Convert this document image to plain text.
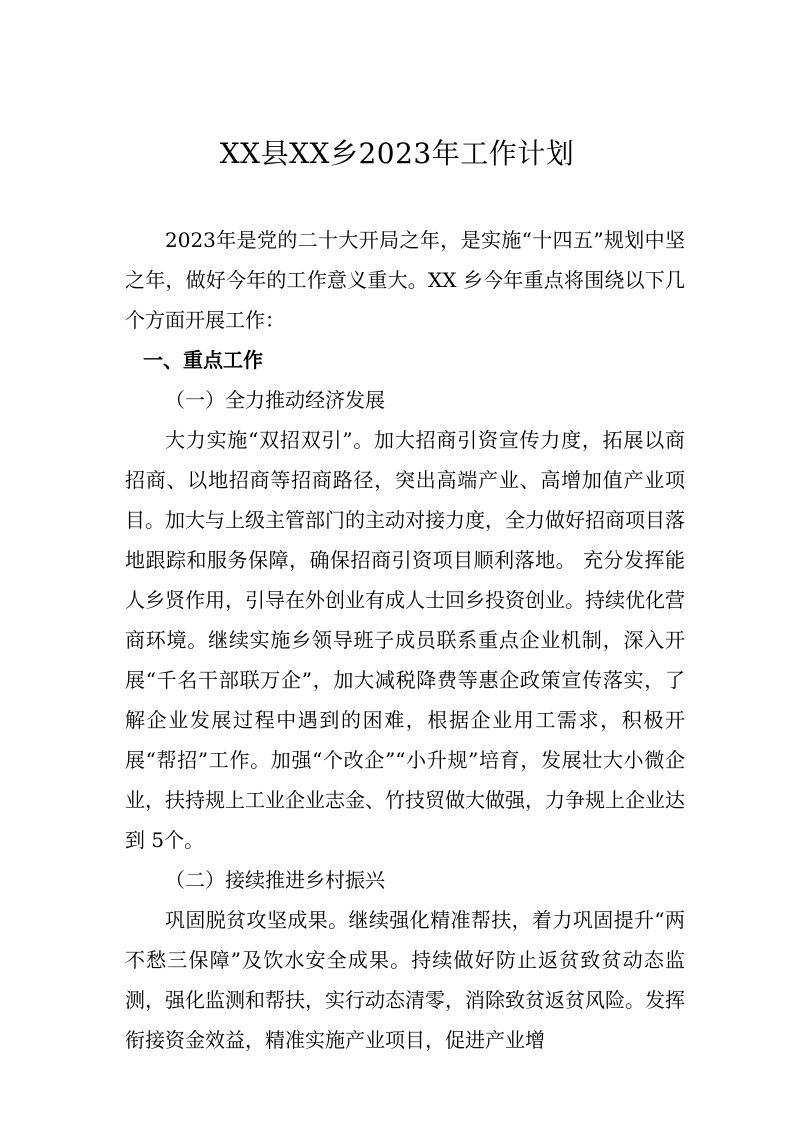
XX县XX乡2023年工作计划

2023年是党的二十大开局之年，是实施“十四五”规划中坚之年，做好今年的工作意义重大。XX 乡今年重点将围绕以下几个方面开展工作：

一、重点工作

（一）全力推动经济发展

大力实施“双招双引”。加大招商引资宣传力度，拓展以商招商、以地招商等招商路径，突出高端产业、高增加值产业项目。加大与上级主管部门的主动对接力度，全力做好招商项目落地跟踪和服务保障，确保招商引资项目顺利落地。 充分发挥能人乡贤作用，引导在外创业有成人士回乡投资创业。持续优化营商环境。继续实施乡领导班子成员联系重点企业机制，深入开展“千名干部联万企”，加大减税降费等惠企政策宣传落实，了解企业发展过程中遇到的困难，根据企业用工需求，积极开展“帮招”工作。加强“个改企”“小升规”培育，发展壮大小微企业，扶持规上工业企业志金、竹技贸做大做强，力争规上企业达到 5个。

（二）接续推进乡村振兴

巩固脱贫攻坚成果。继续强化精准帮扶，着力巩固提升“两不愁三保障”及饮水安全成果。持续做好防止返贫致贫动态监测，强化监测和帮扶，实行动态清零，消除致贫返贫风险。发挥衔接资金效益，精准实施产业项目，促进产业增
